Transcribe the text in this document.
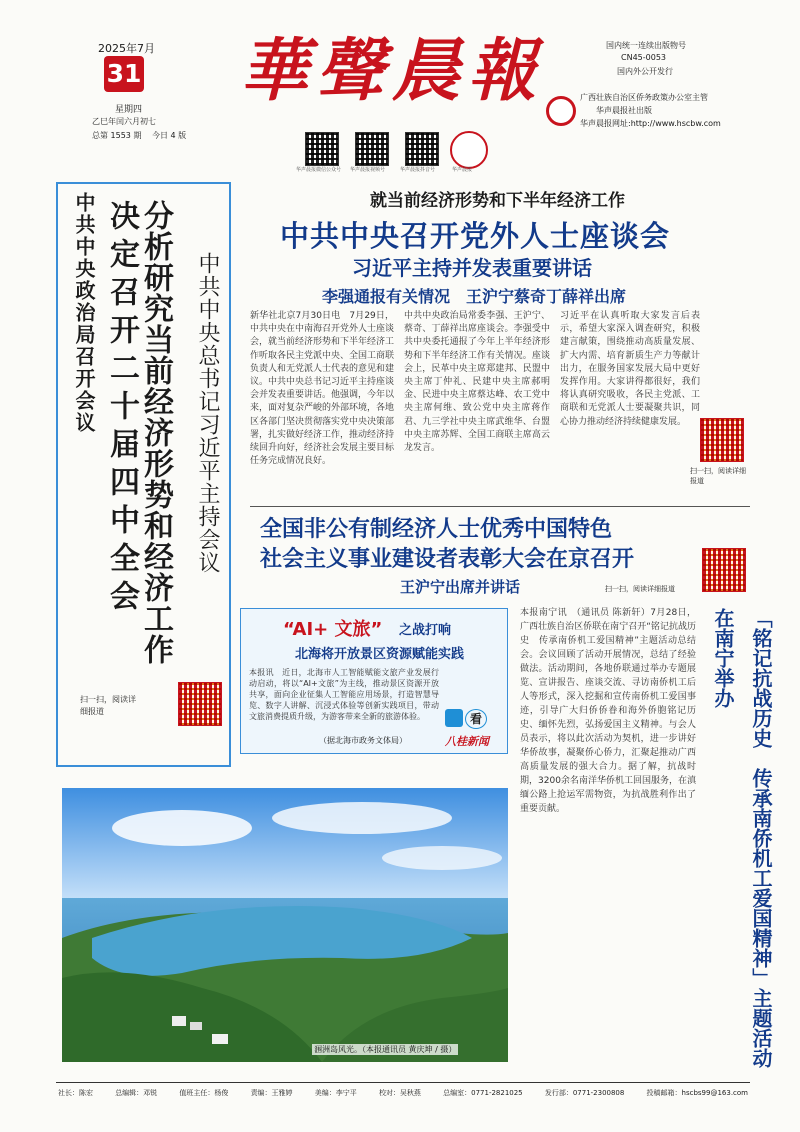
2025年7月
31
星期四
乙巳年闰六月初七
总第 1553 期 今日 4 版
華聲晨報
华声晨报微信公众号 华声晨报视频号	华声晨报抖音号	华声晨报
国内统一连续出版物号
CN45-0053
国内外公开发行
广西壮族自治区侨务政策办公室主管
华声晨报社出版
华声晨报网址:http://www.hscbw.com
中共中央政治局召开会议 分析研究当前经济形势和经济工作
决定召开二十届四中全会	中共中央总书记习近平主持会议
扫一扫，阅读详细报道
就当前经济形势和下半年经济工作
中共中央召开党外人士座谈会
习近平主持并发表重要讲话
李强通报有关情况　王沪宁蔡奇丁薛祥出席
新华社北京7月30日电　7月29日，中共中央在中南海召开党外人士座谈会，就当前经济形势和下半年经济工作听取各民主党派中央、全国工商联负责人和无党派人士代表的意见和建议。中共中央总书记习近平主持座谈会并发表重要讲话。他强调，今年以来，面对复杂严峻的外部环境，各地区各部门坚决贯彻落实党中央决策部署，扎实做好经济工作，推动经济持续回升向好，经济社会发展主要目标任务完成情况良好。
中共中央政治局常委李强、王沪宁、蔡奇、丁薛祥出席座谈会。李强受中共中央委托通报了今年上半年经济形势和下半年经济工作有关情况。座谈会上，民革中央主席郑建邦、民盟中央主席丁仲礼、民建中央主席郝明金、民进中央主席蔡达峰、农工党中央主席何维、致公党中央主席蒋作君、九三学社中央主席武维华、台盟中央主席苏辉、全国工商联主席高云龙发言。
习近平在认真听取大家发言后表示，希望大家深入调查研究，积极建言献策，围绕推动高质量发展、扩大内需、培育新质生产力等献计出力，在服务国家发展大局中更好发挥作用。大家讲得都很好，我们将认真研究吸收，各民主党派、工商联和无党派人士要凝聚共识，同心协力推动经济持续健康发展。
扫一扫，阅读详细报道
全国非公有制经济人士优秀中国特色
社会主义事业建设者表彰大会在京召开
王沪宁出席并讲话	扫一扫，阅读详细报道
“AI+ 文旅” 之战打响
北海将开放景区资源赋能实践
本报讯　近日，北海市人工智能赋能文旅产业发展行动启动，将以“AI+文旅”为主线，推动景区资源开放共享，面向企业征集人工智能应用场景，打造智慧导览、数字人讲解、沉浸式体验等创新实践项目，带动文旅消费提质升级，为游客带来全新的旅游体验。
（据北海市政务文体局）
看
八桂新闻
涠洲岛风光。（本报通讯员 黄庆坤 / 摄）
本报南宁讯　（通讯员 陈新轩）7月28日，广西壮族自治区侨联在南宁召开“铭记抗战历史　传承南侨机工爱国精神”主题活动总结会。会议回顾了活动开展情况，总结了经验做法。活动期间，各地侨联通过举办专题展览、宣讲报告、座谈交流、寻访南侨机工后人等形式，深入挖掘和宣传南侨机工爱国事迹，引导广大归侨侨眷和海外侨胞铭记历史、缅怀先烈，弘扬爱国主义精神。与会人员表示，将以此次活动为契机，进一步讲好华侨故事，凝聚侨心侨力，汇聚起推动广西高质量发展的强大合力。据了解，抗战时期，3200余名南洋华侨机工回国服务，在滇缅公路上抢运军需物资，为抗战胜利作出了重要贡献。	「铭记抗战历史　传承南侨机工爱国精神」主题活动在南宁举办
社长：陈宏	总编辑：邓锐	值班主任：杨俊	责编：王雅婷	美编：李宁平	校对：吴秋燕	总编室：0771-2821025	发行部：0771-2300808	投稿邮箱：hscbs99@163.com
